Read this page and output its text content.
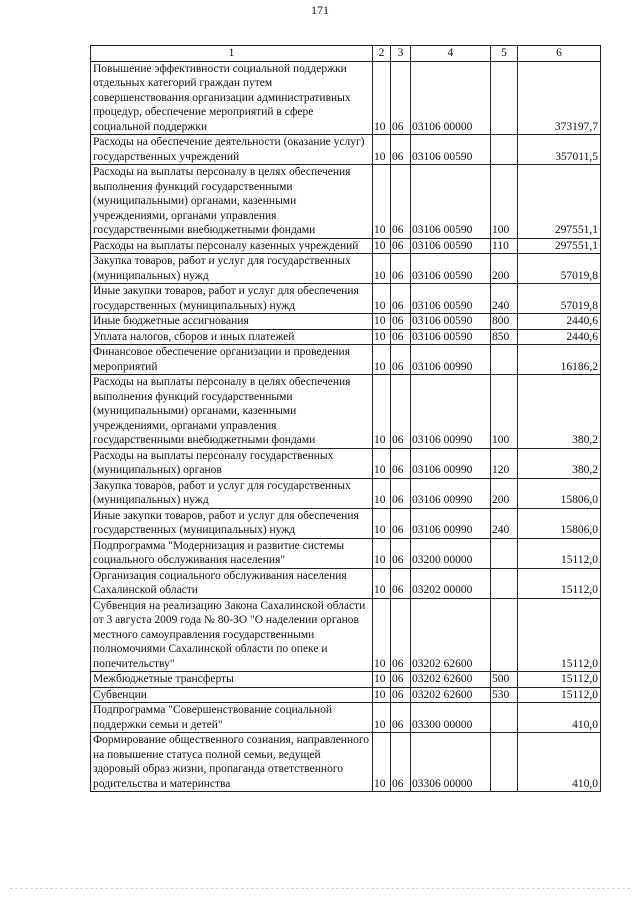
171
1	2	3	4	5	6
Повышение эффективности социальной поддержки отдельных категорий граждан путем совершенствования организации административных процедур, обеспечение мероприятий в сфере социальной поддержки	10	06	03106 00000		373197,7
Расходы на обеспечение деятельности (оказание услуг) государственных учреждений	10	06	03106 00590		357011,5
Расходы на выплаты персоналу в целях обеспечения выполнения функций государственными (муниципальными) органами, казенными учреждениями, органами управления государственными внебюджетными фондами	10	06	03106 00590	100	297551,1
Расходы на выплаты персоналу казенных учреждений	10	06	03106 00590	110	297551,1
Закупка товаров, работ и услуг для государственных (муниципальных) нужд	10	06	03106 00590	200	57019,8
Иные закупки товаров, работ и услуг для обеспечения государственных (муниципальных) нужд	10	06	03106 00590	240	57019,8
Иные бюджетные ассигнования	10	06	03106 00590	800	2440,6
Уплата налогов, сборов и иных платежей	10	06	03106 00590	850	2440,6
Финансовое обеспечение организации и проведения мероприятий	10	06	03106 00990		16186,2
Расходы на выплаты персоналу в целях обеспечения выполнения функций государственными (муниципальными) органами, казенными учреждениями, органами управления государственными внебюджетными фондами	10	06	03106 00990	100	380,2
Расходы на выплаты персоналу государственных (муниципальных) органов	10	06	03106 00990	120	380,2
Закупка товаров, работ и услуг для государственных (муниципальных) нужд	10	06	03106 00990	200	15806,0
Иные закупки товаров, работ и услуг для обеспечения государственных (муниципальных) нужд	10	06	03106 00990	240	15806,0
Подпрограмма "Модернизация и развитие системы социального обслуживания населения"	10	06	03200 00000		15112,0
Организация социального обслуживания населения Сахалинской области	10	06	03202 00000		15112,0
Субвенция на реализацию Закона Сахалинской области от 3 августа 2009 года № 80-ЗО "О наделении органов местного самоуправления государственными полномочиями Сахалинской области по опеке и попечительству"	10	06	03202 62600		15112,0
Межбюджетные трансферты	10	06	03202 62600	500	15112,0
Субвенции	10	06	03202 62600	530	15112,0
Подпрограмма "Совершенствование социальной поддержки семьи и детей"	10	06	03300 00000		410,0
Формирование общественного сознания, направленного на повышение статуса полной семьи, ведущей здоровый образ жизни, пропаганда ответственного родительства и материнства	10	06	03306 00000		410,0
